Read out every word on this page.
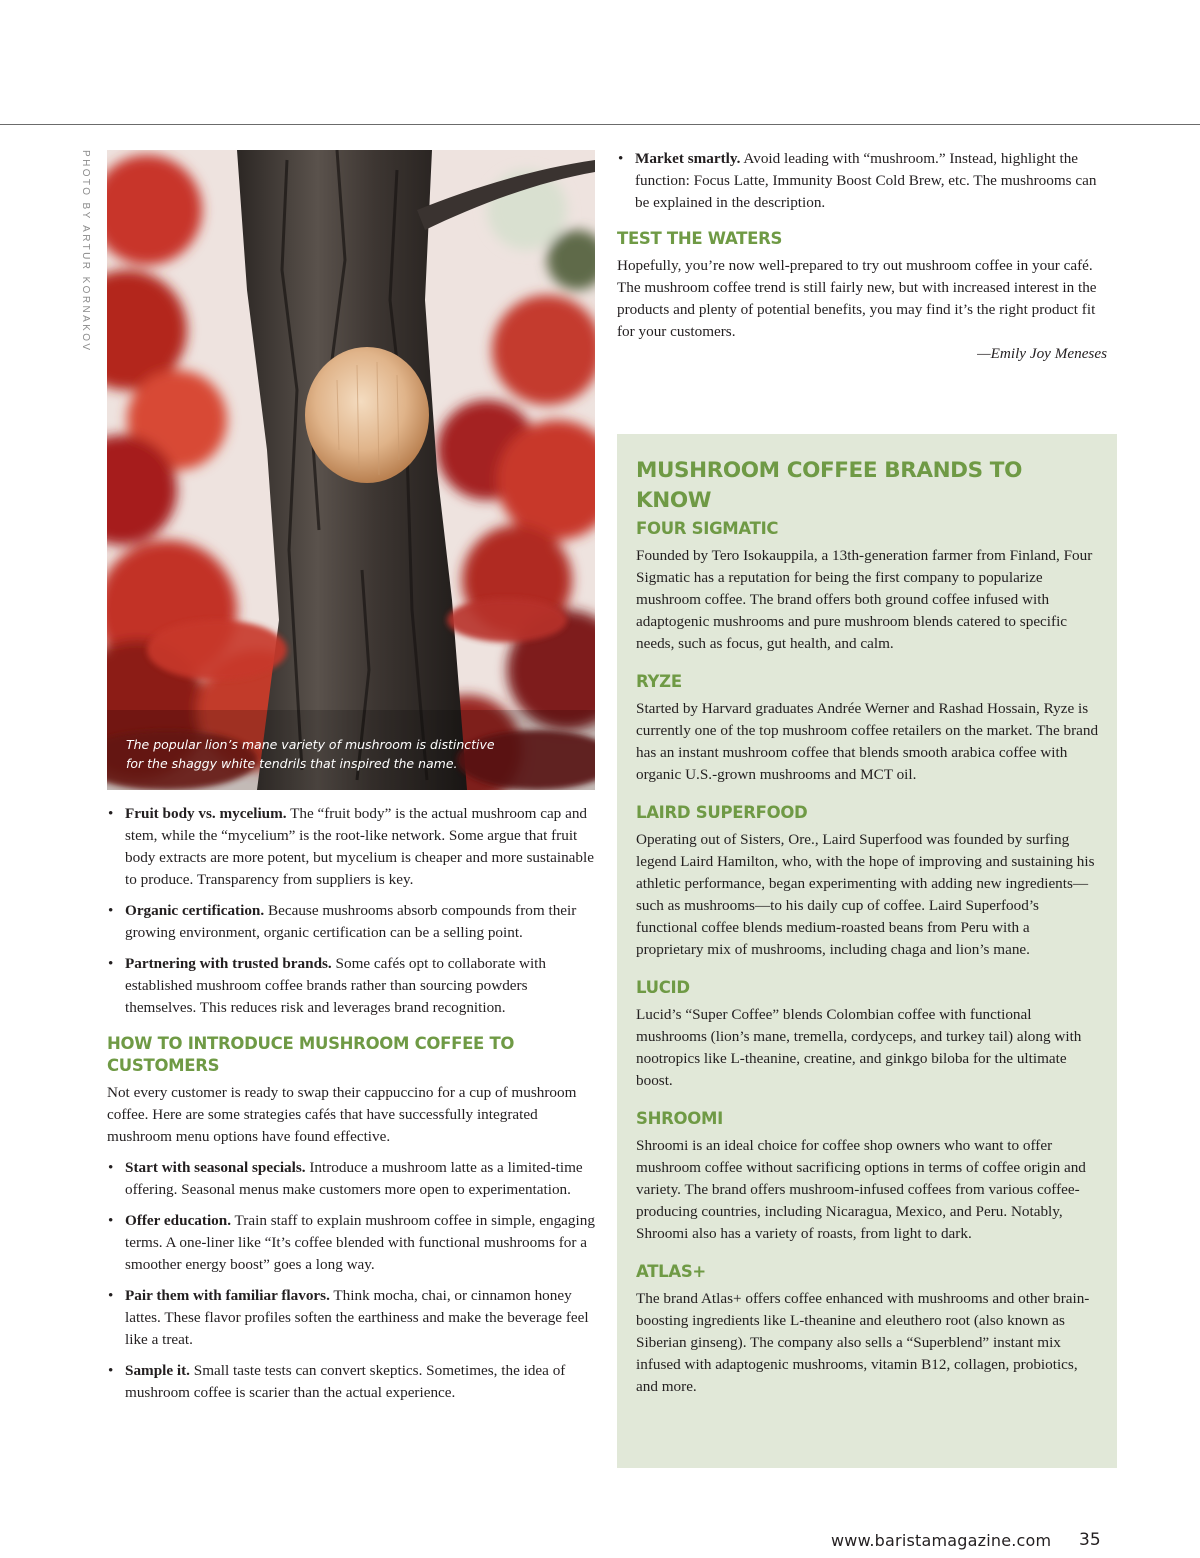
PHOTO BY ARTUR KORNAKOV
The popular lion’s mane variety of mushroom is distinctive
for the shaggy white tendrils that inspired the name.
• Fruit body vs. mycelium. The “fruit body” is the actual mushroom cap and stem, while the “mycelium” is the root-like network. Some argue that fruit body extracts are more potent, but mycelium is cheaper and more sustainable to produce. Transparency from suppliers is key.
• Organic certification. Because mushrooms absorb compounds from their growing environment, organic certification can be a selling point.
• Partnering with trusted brands. Some cafés opt to collaborate with established mushroom coffee brands rather than sourcing powders themselves. This reduces risk and leverages brand recognition.
HOW TO INTRODUCE MUSHROOM COFFEE TO CUSTOMERS

Not every customer is ready to swap their cappuccino for a cup of mushroom coffee. Here are some strategies cafés that have successfully integrated mushroom menu options have found effective.

• Start with seasonal specials. Introduce a mushroom latte as a limited-time offering. Seasonal menus make customers more open to experimentation.
• Offer education. Train staff to explain mushroom coffee in simple, engaging terms. A one-liner like “It’s coffee blended with functional mushrooms for a smoother energy boost” goes a long way.
• Pair them with familiar flavors. Think mocha, chai, or cinnamon honey lattes. These flavor profiles soften the earthiness and make the beverage feel like a treat.
• Sample it. Small taste tests can convert skeptics. Sometimes, the idea of mushroom coffee is scarier than the actual experience.
• Market smartly. Avoid leading with “mushroom.” Instead, highlight the function: Focus Latte, Immunity Boost Cold Brew, etc. The mushrooms can be explained in the description.
TEST THE WATERS

Hopefully, you’re now well-prepared to try out mushroom coffee in your café. The mushroom coffee trend is still fairly new, but with increased interest in the products and plenty of potential benefits, you may find it’s the right product fit for your customers.

—Emily Joy Meneses
MUSHROOM COFFEE BRANDS TO KNOW
FOUR SIGMATIC

Founded by Tero Isokauppila, a 13th-generation farmer from Finland, Four Sigmatic has a reputation for being the first company to popularize mushroom coffee. The brand offers both ground coffee infused with adaptogenic mushrooms and pure mushroom blends catered to specific needs, such as focus, gut health, and calm.

RYZE

Started by Harvard graduates Andrée Werner and Rashad Hossain, Ryze is currently one of the top mushroom coffee retailers on the market. The brand has an instant mushroom coffee that blends smooth arabica coffee with organic U.S.-grown mushrooms and MCT oil.

LAIRD SUPERFOOD

Operating out of Sisters, Ore., Laird Superfood was founded by surfing legend Laird Hamilton, who, with the hope of improving and sustaining his athletic performance, began experimenting with adding new ingredients—such as mushrooms—to his daily cup of coffee. Laird Superfood’s functional coffee blends medium-roasted beans from Peru with a proprietary mix of mushrooms, including chaga and lion’s mane.

LUCID

Lucid’s “Super Coffee” blends Colombian coffee with functional mushrooms (lion’s mane, tremella, cordyceps, and turkey tail) along with nootropics like L-theanine, creatine, and ginkgo biloba for the ultimate boost.

SHROOMI

Shroomi is an ideal choice for coffee shop owners who want to offer mushroom coffee without sacrificing options in terms of coffee origin and variety. The brand offers mushroom-infused coffees from various coffee-producing countries, including Nicaragua, Mexico, and Peru. Notably, Shroomi also has a variety of roasts, from light to dark.

ATLAS+

The brand Atlas+ offers coffee enhanced with mushrooms and other brain-boosting ingredients like L-theanine and eleuthero root (also known as Siberian ginseng). The company also sells a “Superblend” instant mix infused with adaptogenic mushrooms, vitamin B12, collagen, probiotics, and more.

www.baristamagazine.com 35
